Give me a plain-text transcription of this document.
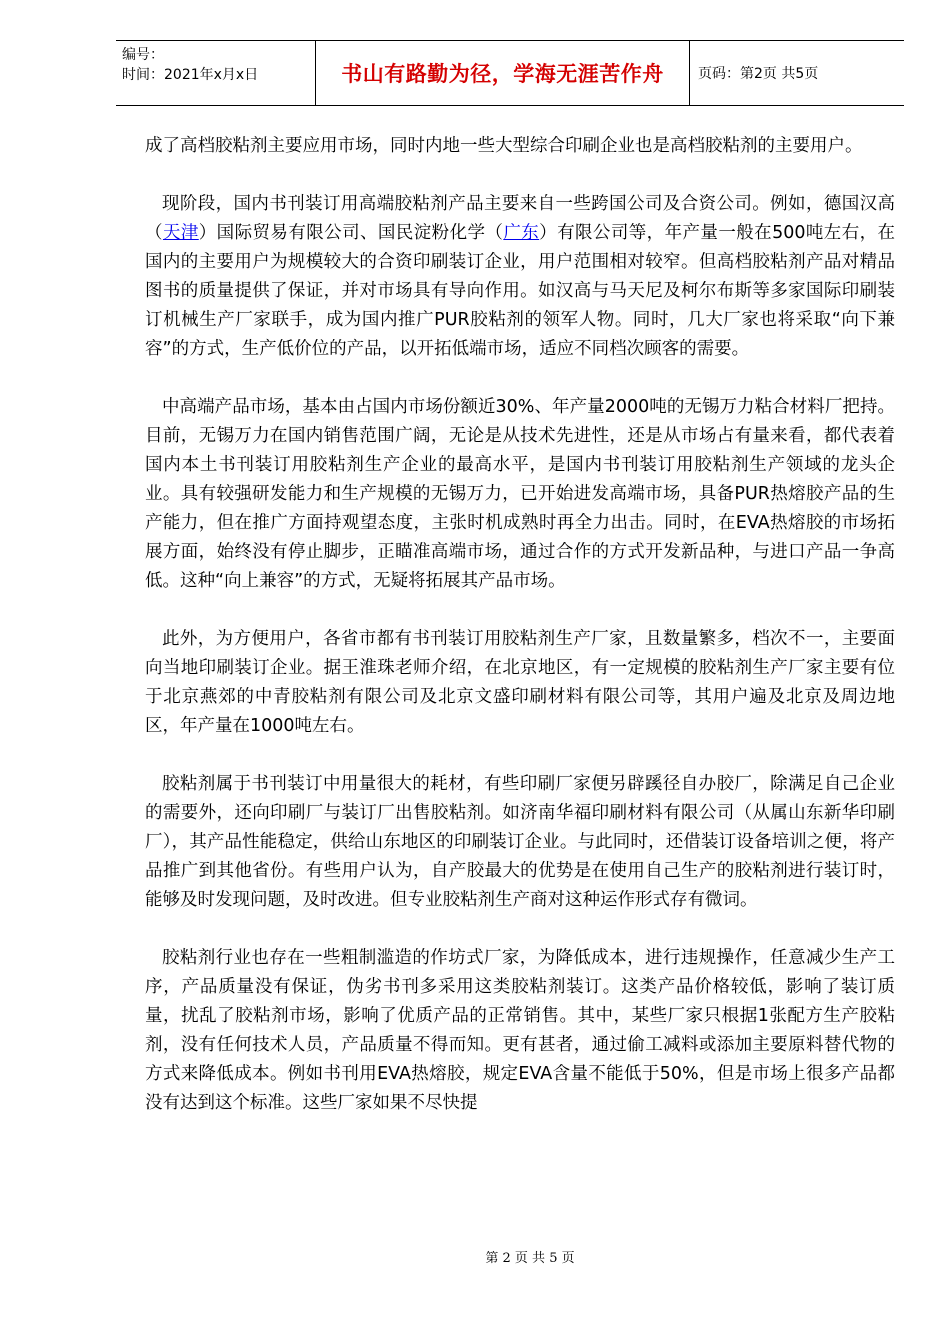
编号：
时间：2021年x月x日	书山有路勤为径，学海无涯苦作舟 页码：第2页 共5页

成了高档胶粘剂主要应用市场，同时内地一些大型综合印刷企业也是高档胶粘剂的主要用户。

现阶段，国内书刊装订用高端胶粘剂产品主要来自一些跨国公司及合资公司。例如，德国汉高（天津）国际贸易有限公司、国民淀粉化学（广东）有限公司等，年产量一般在500吨左右，在国内的主要用户为规模较大的合资印刷装订企业，用户范围相对较窄。但高档胶粘剂产品对精品图书的质量提供了保证，并对市场具有导向作用。如汉高与马天尼及柯尔布斯等多家国际印刷装订机械生产厂家联手，成为国内推广PUR胶粘剂的领军人物。同时，几大厂家也将采取“向下兼容”的方式，生产低价位的产品，以开拓低端市场，适应不同档次顾客的需要。

中高端产品市场，基本由占国内市场份额近30%、年产量2000吨的无锡万力粘合材料厂把持。目前，无锡万力在国内销售范围广阔，无论是从技术先进性，还是从市场占有量来看，都代表着国内本土书刊装订用胶粘剂生产企业的最高水平，是国内书刊装订用胶粘剂生产领域的龙头企业。具有较强研发能力和生产规模的无锡万力，已开始进发高端市场，具备PUR热熔胶产品的生产能力，但在推广方面持观望态度，主张时机成熟时再全力出击。同时，在EVA热熔胶的市场拓展方面，始终没有停止脚步，正瞄准高端市场，通过合作的方式开发新品种，与进口产品一争高低。这种“向上兼容”的方式，无疑将拓展其产品市场。

此外，为方便用户，各省市都有书刊装订用胶粘剂生产厂家，且数量繁多，档次不一，主要面向当地印刷装订企业。据王淮珠老师介绍，在北京地区，有一定规模的胶粘剂生产厂家主要有位于北京燕郊的中青胶粘剂有限公司及北京文盛印刷材料有限公司等，其用户遍及北京及周边地区，年产量在1000吨左右。

胶粘剂属于书刊装订中用量很大的耗材，有些印刷厂家便另辟蹊径自办胶厂，除满足自己企业的需要外，还向印刷厂与装订厂出售胶粘剂。如济南华福印刷材料有限公司（从属山东新华印刷厂），其产品性能稳定，供给山东地区的印刷装订企业。与此同时，还借装订设备培训之便，将产品推广到其他省份。有些用户认为，自产胶最大的优势是在使用自己生产的胶粘剂进行装订时，能够及时发现问题，及时改进。但专业胶粘剂生产商对这种运作形式存有微词。

胶粘剂行业也存在一些粗制滥造的作坊式厂家，为降低成本，进行违规操作，任意减少生产工序，产品质量没有保证，伪劣书刊多采用这类胶粘剂装订。这类产品价格较低，影响了装订质量，扰乱了胶粘剂市场，影响了优质产品的正常销售。其中，某些厂家只根据1张配方生产胶粘剂，没有任何技术人员，产品质量不得而知。更有甚者，通过偷工减料或添加主要原料替代物的方式来降低成本。例如书刊用EVA热熔胶，规定EVA含量不能低于50%，但是市场上很多产品都没有达到这个标准。这些厂家如果不尽快提

第 2 页 共 5 页
